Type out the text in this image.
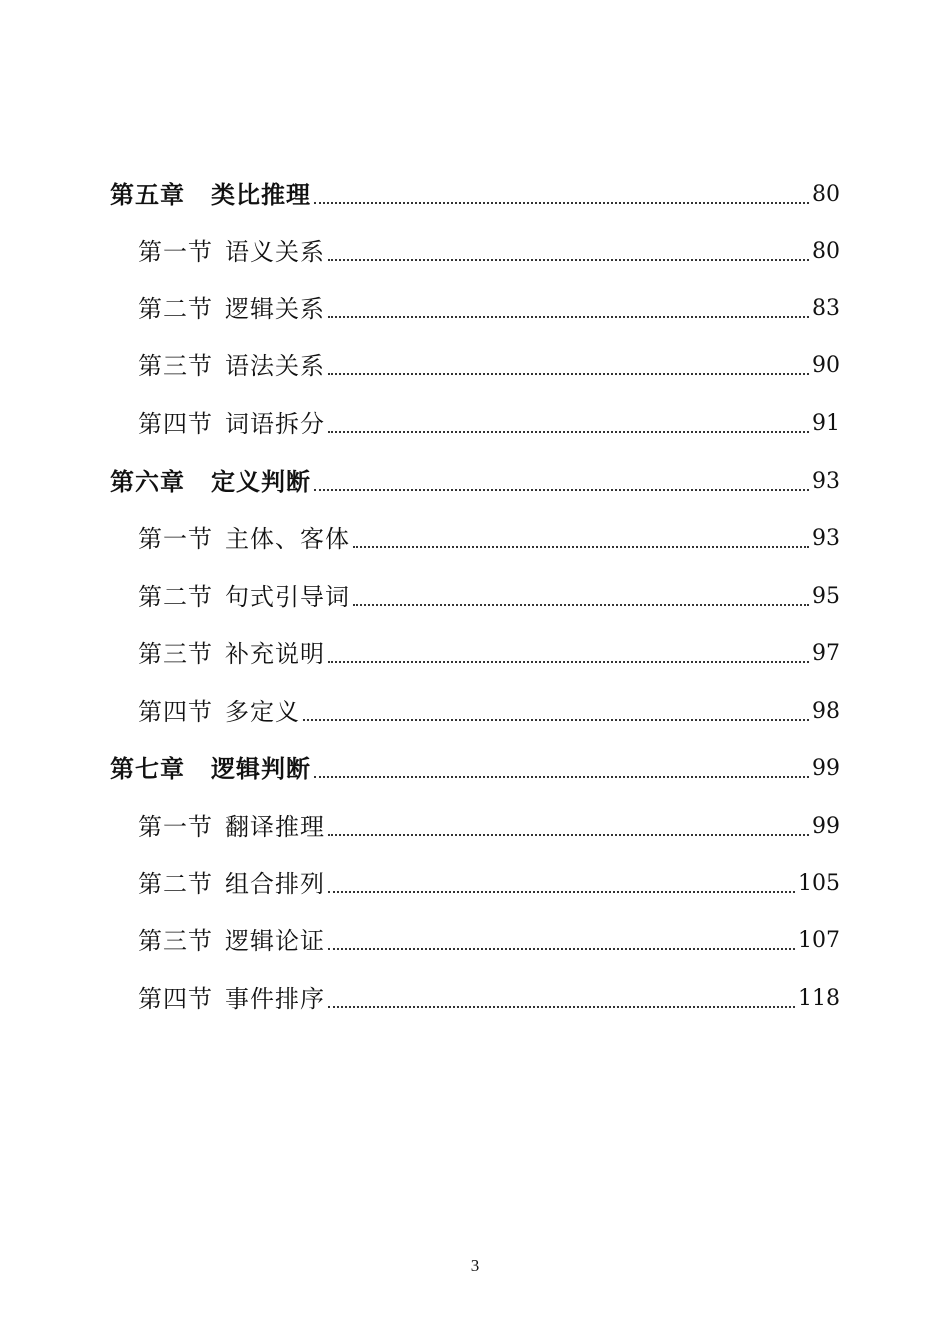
第五章 类比推理	80
第一节 语义关系	80
第二节 逻辑关系	83
第三节 语法关系	90
第四节 词语拆分	91
第六章 定义判断	93
第一节 主体、客体	93
第二节 句式引导词	95
第三节 补充说明	97
第四节 多定义	98
第七章 逻辑判断	99
第一节 翻译推理	99
第二节 组合排列	105
第三节 逻辑论证	107
第四节 事件排序	118
3
